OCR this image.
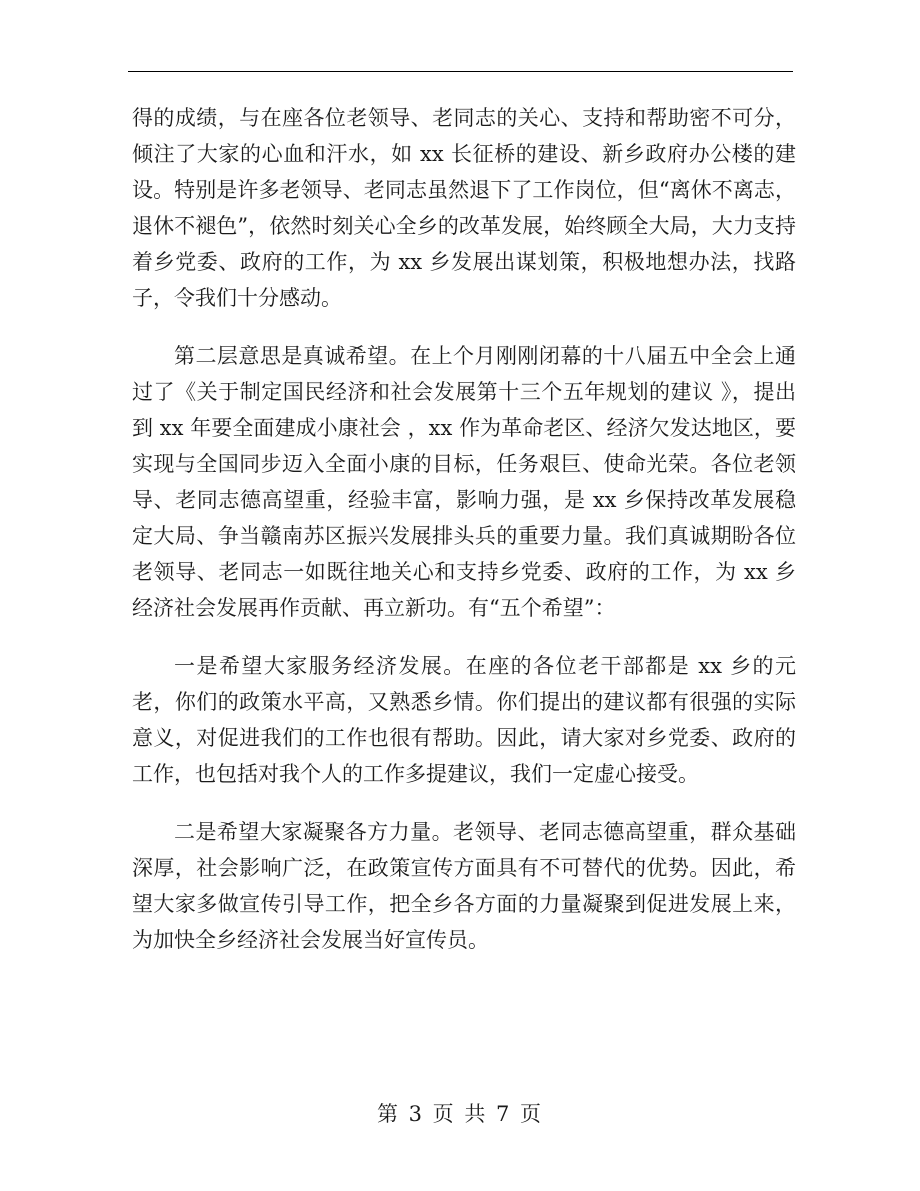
得的成绩，与在座各位老领导、老同志的关心、支持和帮助密不可分，倾注了大家的心血和汗水，如 xx 长征桥的建设、新乡政府办公楼的建设。特别是许多老领导、老同志虽然退下了工作岗位，但“离休不离志，退休不褪色”，依然时刻关心全乡的改革发展，始终顾全大局，大力支持着乡党委、政府的工作，为 xx 乡发展出谋划策，积极地想办法，找路子，令我们十分感动。

第二层意思是真诚希望。在上个月刚刚闭幕的十八届五中全会上通过了《关于制定国民经济和社会发展第十三个五年规划的建议 》，提出到 xx 年要全面建成小康社会 ，xx 作为革命老区、经济欠发达地区，要实现与全国同步迈入全面小康的目标，任务艰巨、使命光荣。各位老领导、老同志德高望重，经验丰富，影响力强，是 xx 乡保持改革发展稳定大局、争当赣南苏区振兴发展排头兵的重要力量。我们真诚期盼各位老领导、老同志一如既往地关心和支持乡党委、政府的工作，为 xx 乡经济社会发展再作贡献、再立新功。有“五个希望”：

一是希望大家服务经济发展。在座的各位老干部都是 xx 乡的元老，你们的政策水平高，又熟悉乡情。你们提出的建议都有很强的实际意义，对促进我们的工作也很有帮助。因此，请大家对乡党委、政府的工作，也包括对我个人的工作多提建议，我们一定虚心接受。

二是希望大家凝聚各方力量。老领导、老同志德高望重，群众基础深厚，社会影响广泛，在政策宣传方面具有不可替代的优势。因此，希望大家多做宣传引导工作，把全乡各方面的力量凝聚到促进发展上来，为加快全乡经济社会发展当好宣传员。

第 3 页 共 7 页
